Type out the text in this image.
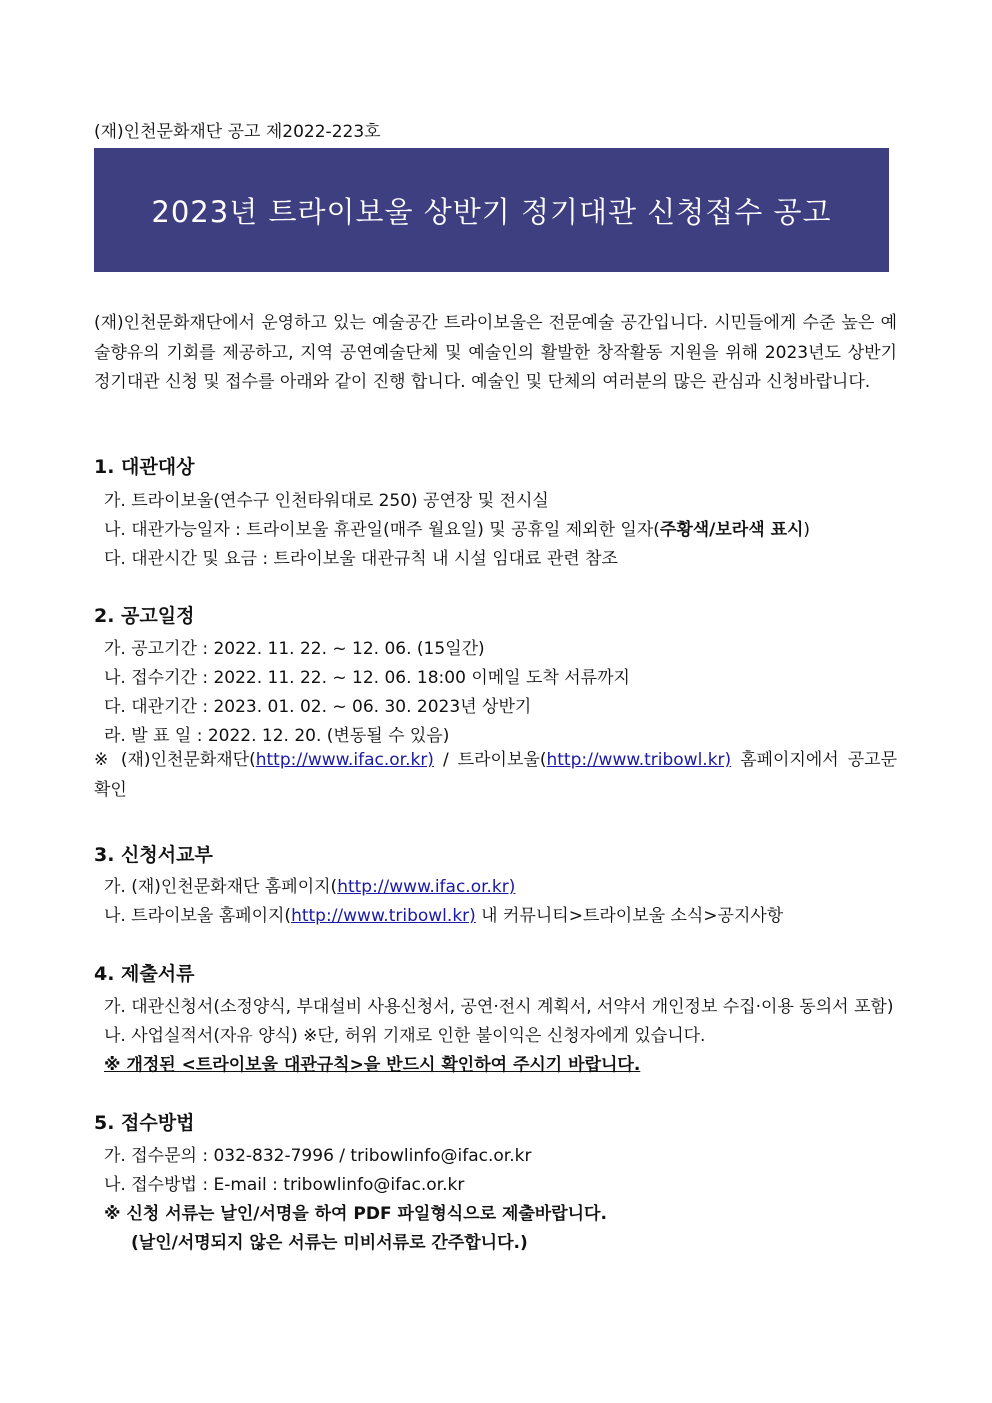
(재)인천문화재단 공고 제2022-223호
2023년 트라이보울 상반기 정기대관 신청접수 공고
(재)인천문화재단에서 운영하고 있는 예술공간 트라이보울은 전문예술 공간입니다. 시민들에게 수준 높은 예술향유의 기회를 제공하고, 지역 공연예술단체 및 예술인의 활발한 창작활동 지원을 위해 2023년도 상반기 정기대관 신청 및 접수를 아래와 같이 진행 합니다. 예술인 및 단체의 여러분의 많은 관심과 신청바랍니다.
1. 대관대상
가. 트라이보울(연수구 인천타워대로 250) 공연장 및 전시실
나. 대관가능일자 : 트라이보울 휴관일(매주 월요일) 및 공휴일 제외한 일자(주황색/보라색 표시)
다. 대관시간 및 요금 : 트라이보울 대관규칙 내 시설 임대료 관련 참조
2. 공고일정
가. 공고기간 : 2022. 11. 22. ~ 12. 06. (15일간)
나. 접수기간 : 2022. 11. 22. ~ 12. 06. 18:00 이메일 도착 서류까지
다. 대관기간 : 2023. 01. 02. ~ 06. 30. 2023년 상반기
라. 발 표 일 : 2022. 12. 20. (변동될 수 있음)
※ (재)인천문화재단(http://www.ifac.or.kr) / 트라이보울(http://www.tribowl.kr) 홈페이지에서 공고문 확인
3. 신청서교부
가. (재)인천문화재단 홈페이지(http://www.ifac.or.kr)
나. 트라이보울 홈페이지(http://www.tribowl.kr) 내 커뮤니티>트라이보울 소식>공지사항
4. 제출서류
가. 대관신청서(소정양식, 부대설비 사용신청서, 공연·전시 계획서, 서약서 개인정보 수집·이용 동의서 포함)
나. 사업실적서(자유 양식) ※단, 허위 기재로 인한 불이익은 신청자에게 있습니다.
※ 개정된 <트라이보울 대관규칙>을 반드시 확인하여 주시기 바랍니다.
5. 접수방법
가. 접수문의 : 032-832-7996 / tribowlinfo@ifac.or.kr
나. 접수방법 : E-mail : tribowlinfo@ifac.or.kr
※ 신청 서류는 날인/서명을 하여 PDF 파일형식으로 제출바랍니다.
(날인/서명되지 않은 서류는 미비서류로 간주합니다.)
